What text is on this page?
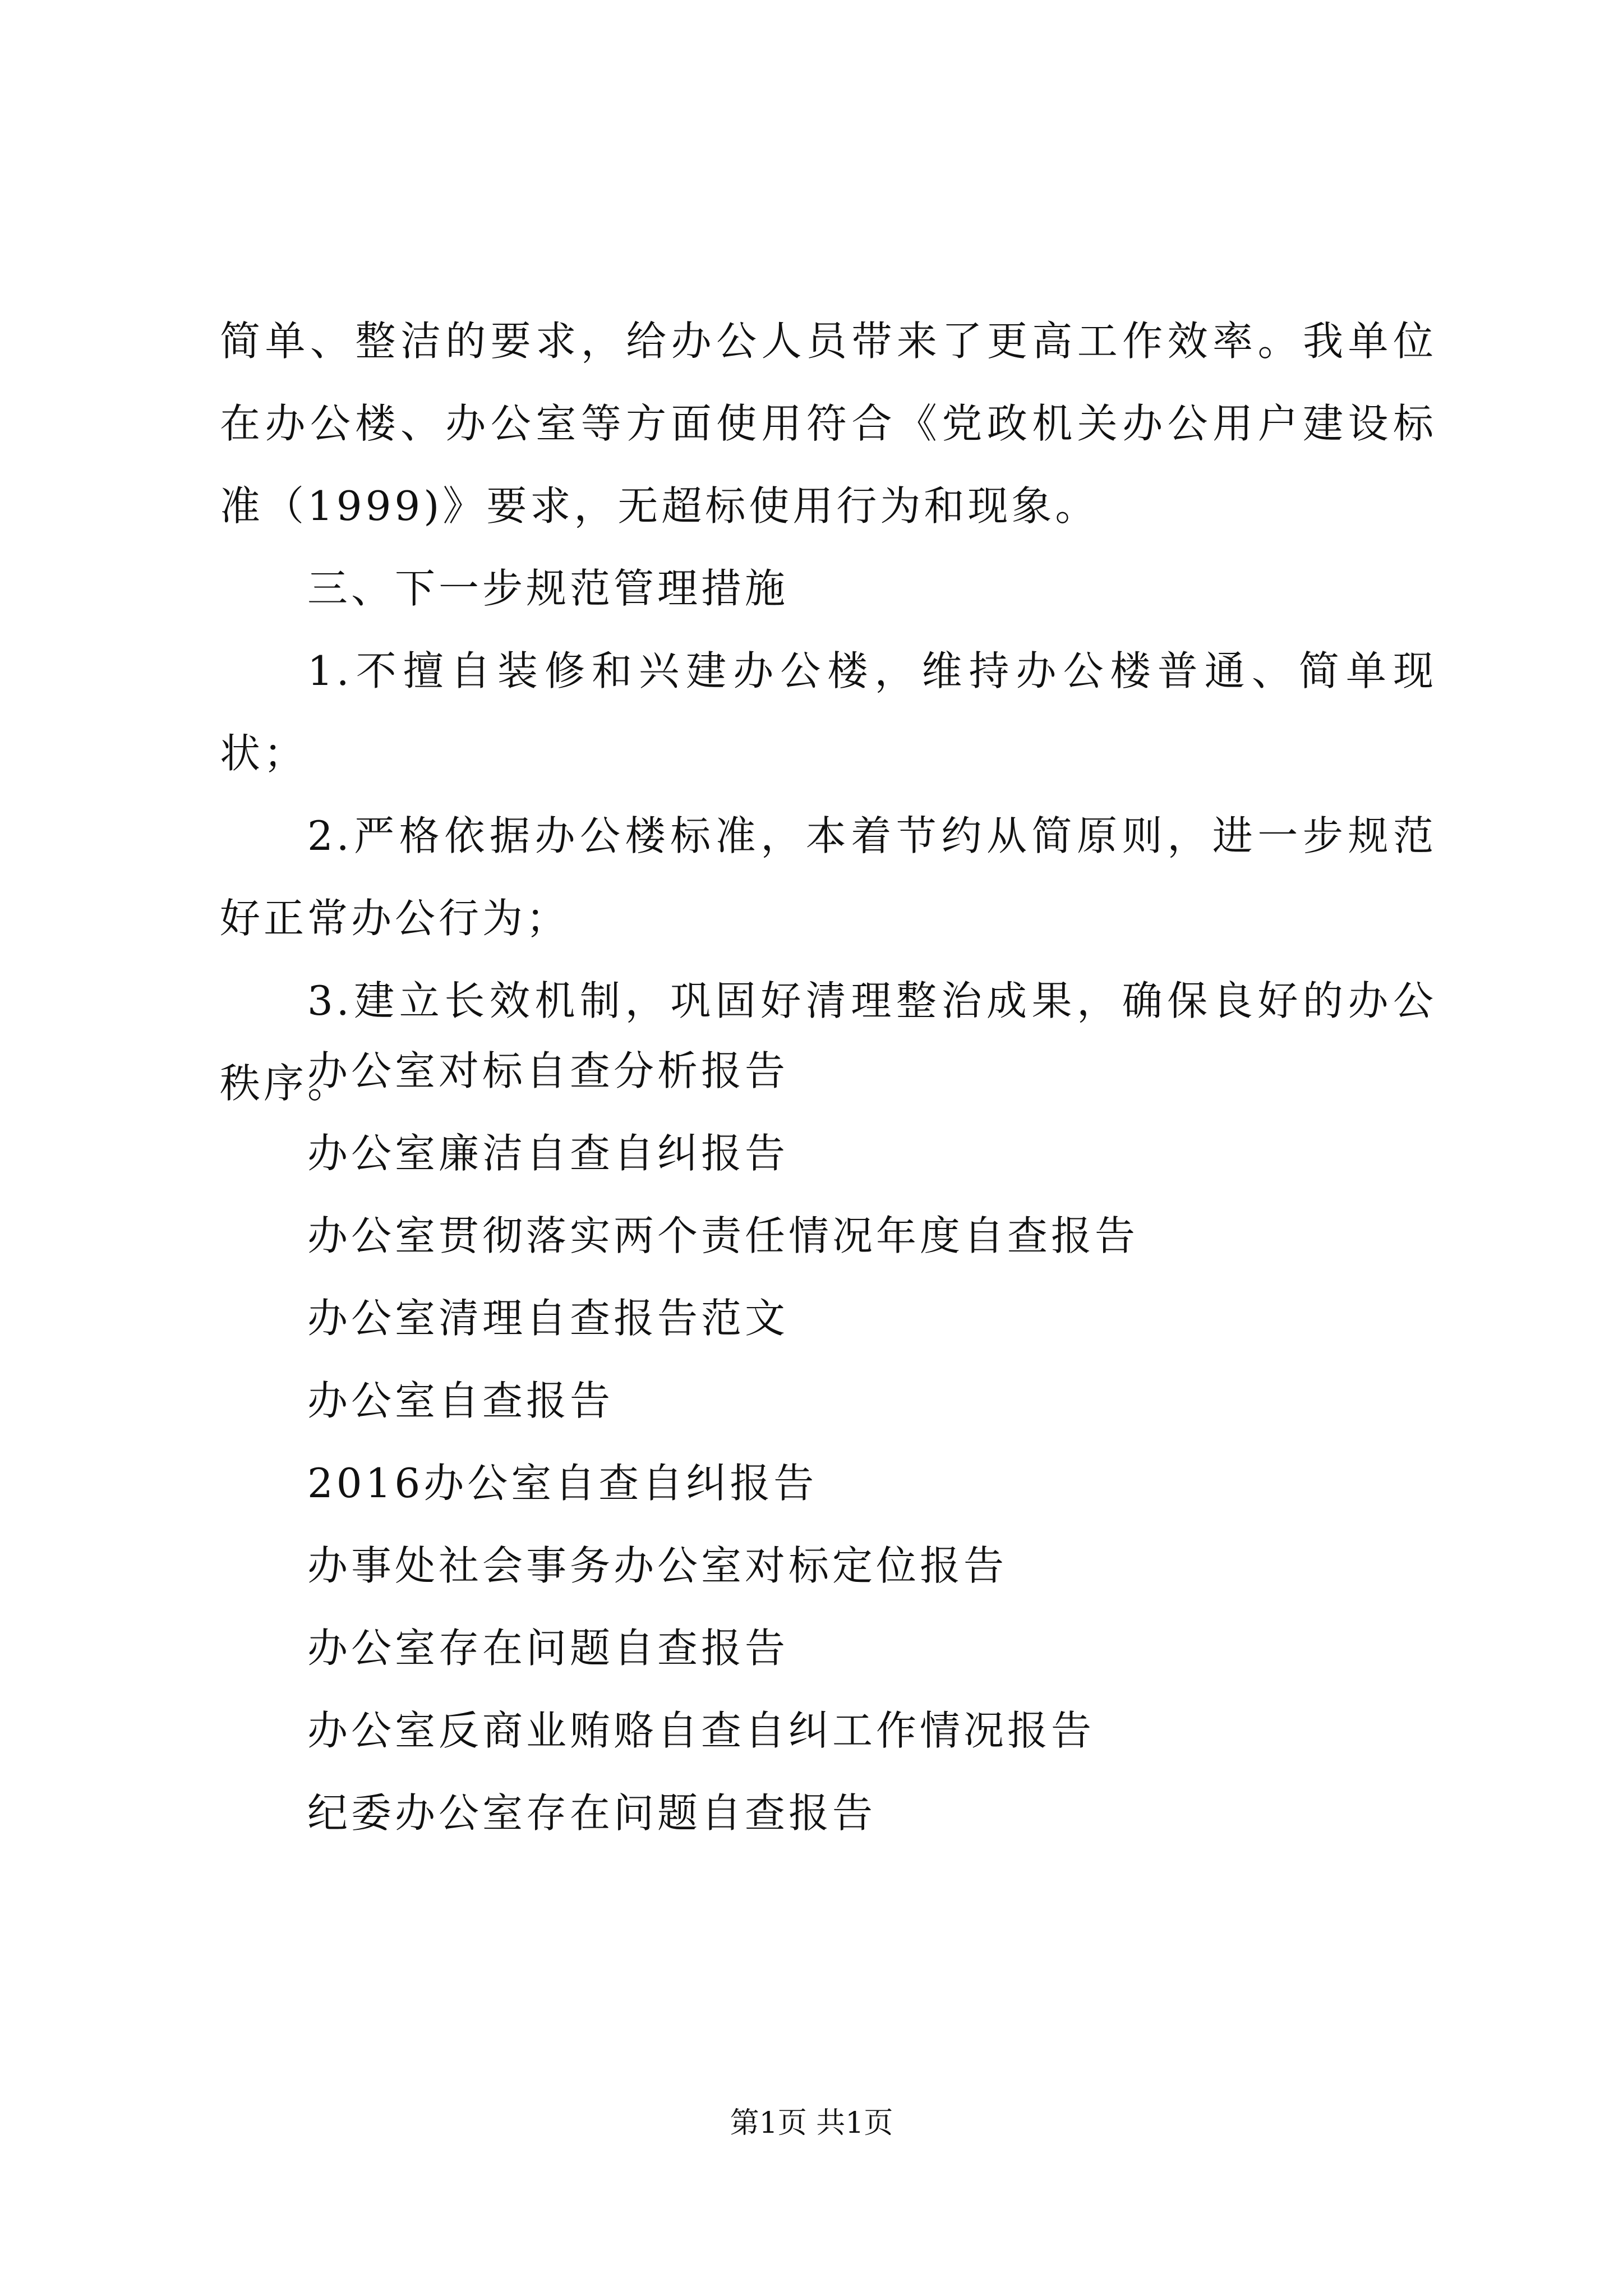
简单、整洁的要求，给办公人员带来了更高工作效率。我单位在办公楼、办公室等方面使用符合《党政机关办公用户建设标准（1999)》要求，无超标使用行为和现象。

三、下一步规范管理措施

1.不擅自装修和兴建办公楼，维持办公楼普通、简单现状；

2.严格依据办公楼标准，本着节约从简原则，进一步规范好正常办公行为；

3.建立长效机制，巩固好清理整治成果，确保良好的办公秩序。

办公室对标自查分析报告

办公室廉洁自查自纠报告

办公室贯彻落实两个责任情况年度自查报告

办公室清理自查报告范文

办公室自查报告

2016办公室自查自纠报告

办事处社会事务办公室对标定位报告

办公室存在问题自查报告

办公室反商业贿赂自查自纠工作情况报告

纪委办公室存在问题自查报告

第1页 共1页
